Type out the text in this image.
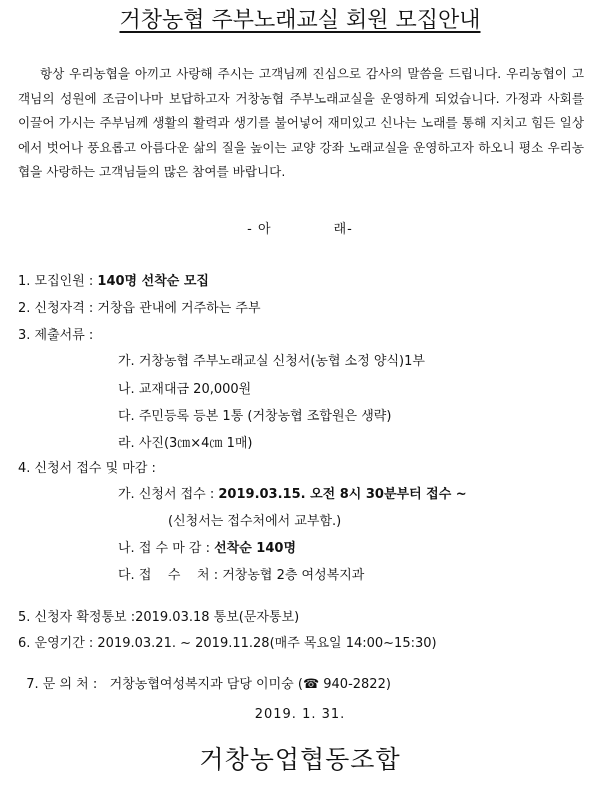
거창농협 주부노래교실 회원 모집안내

항상 우리농협을 아끼고 사랑해 주시는 고객님께 진심으로 감사의 말씀을 드립니다. 우리농협이 고객님의 성원에 조금이나마 보답하고자 거창농협 주부노래교실을 운영하게 되었습니다. 가정과 사회를 이끌어 가시는 주부님께 생활의 활력과 생기를 불어넣어 재미있고 신나는 노래를 통해 지치고 힘든 일상에서 벗어나 풍요롭고 아름다운 삶의 질을 높이는 교양 강좌 노래교실을 운영하고자 하오니 평소 우리농협을 사랑하는 고객님들의 많은 참여를 바랍니다.

- 아	래-
1. 모집인원 : 140명 선착순 모집
2. 신청자격 : 거창읍 관내에 거주하는 주부
3. 제출서류 :
가. 거창농협 주부노래교실 신청서(농협 소정 양식)1부
나. 교재대금 20,000원
다. 주민등록 등본 1통 (거창농협 조합원은 생략)
라. 사진(3㎝×4㎝ 1매)
4. 신청서 접수 및 마감 :
가. 신청서 접수 : 2019.03.15. 오전 8시 30분부터 접수 ~
(신청서는 접수처에서 교부함.)
나. 접 수 마 감 : 선착순 140명
다. 접    수    처 : 거창농협 2층 여성복지과
5. 신청자 확정통보 :2019.03.18 통보(문자통보)
6. 운영기간 : 2019.03.21. ~ 2019.11.28(매주 목요일 14:00~15:30)

7. 문 의 처 :   거창농협여성복지과 담당 이미숭 (☎ 940-2822)

2019. 1. 31.
거창농업협동조합
